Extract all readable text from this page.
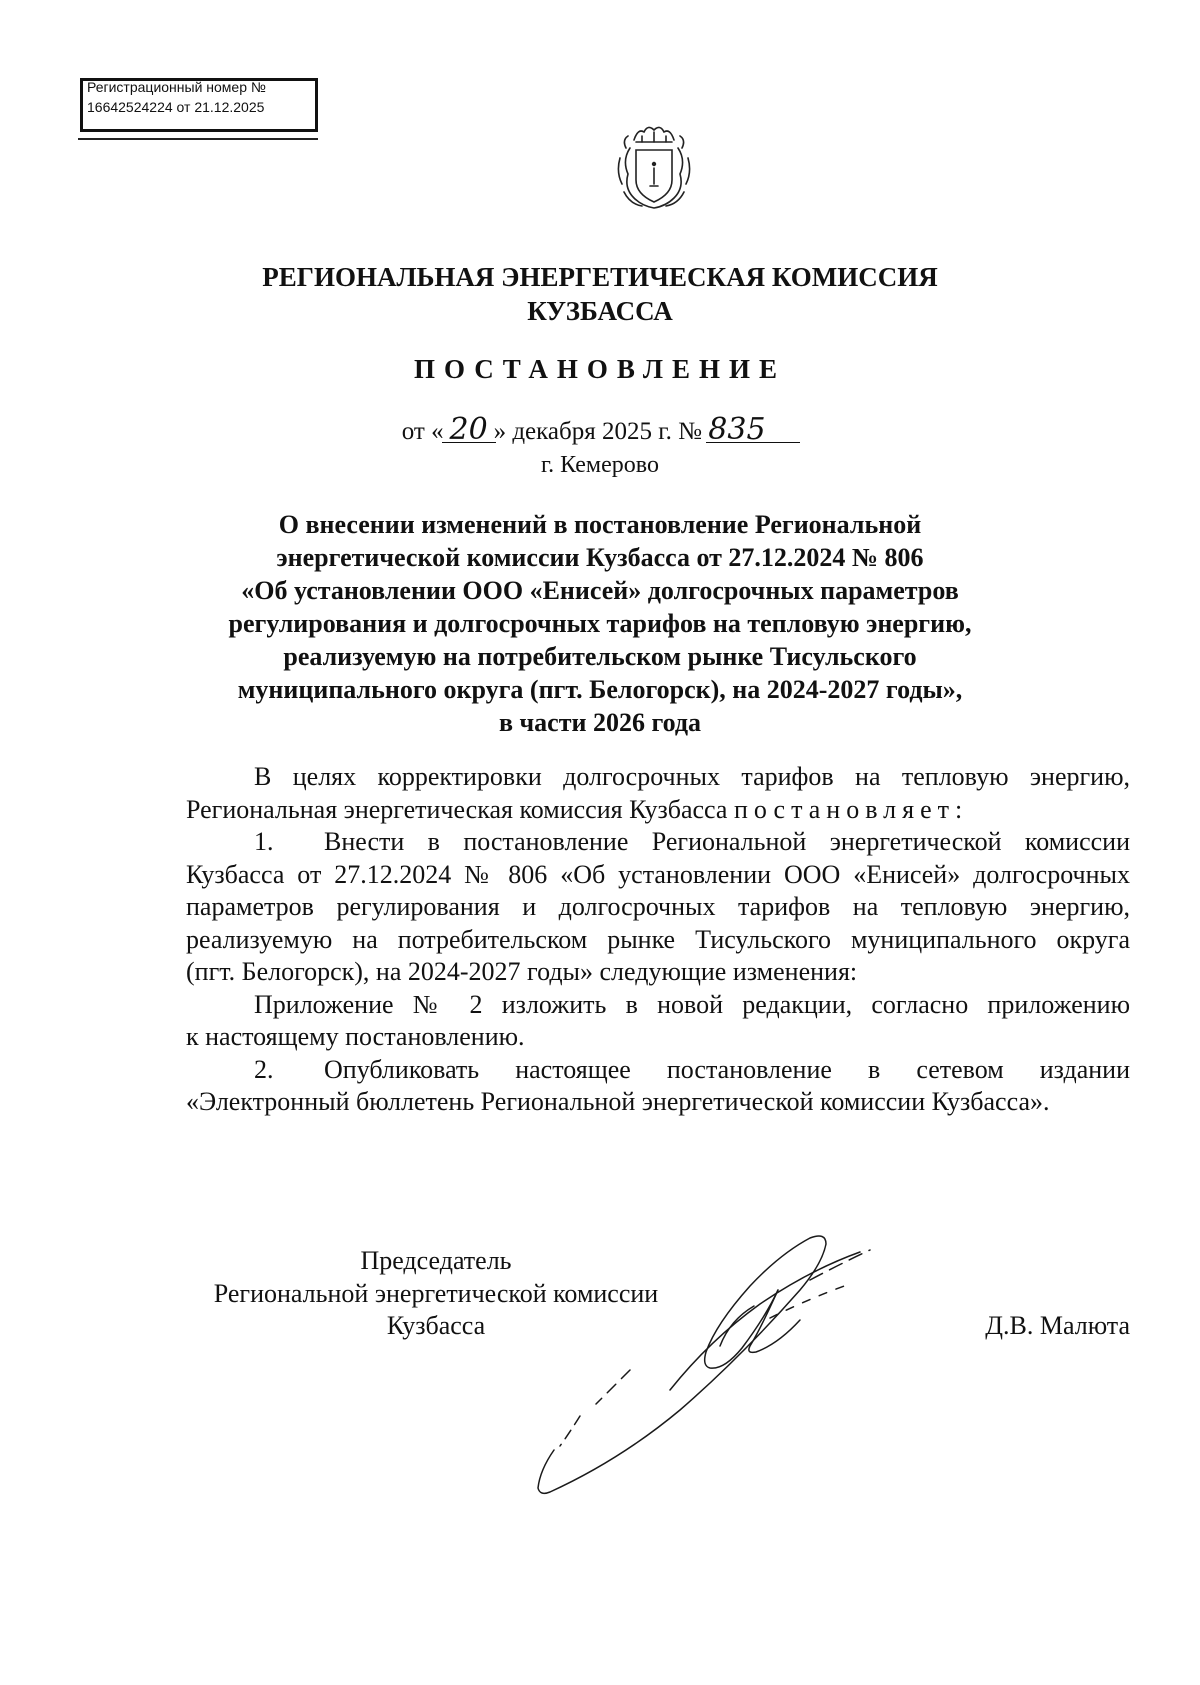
Регистрационный номер №
16642524224 от 21.12.2025
РЕГИОНАЛЬНАЯ ЭНЕРГЕТИЧЕСКАЯ КОМИССИЯ
КУЗБАССА
ПОСТАНОВЛЕНИЕ
от « 20 » декабря 2025 г. № 835
г. Кемерово
О внесении изменений в постановление Региональной
энергетической комиссии Кузбасса от 27.12.2024 № 806
«Об установлении ООО «Енисей» долгосрочных параметров
регулирования и долгосрочных тарифов на тепловую энергию,
реализуемую на потребительском рынке Тисульского
муниципального округа (пгт. Белогорск), на 2024-2027 годы»,
в части 2026 года
В целях корректировки долгосрочных тарифов на тепловую энергию,
Региональная энергетическая комиссия Кузбасса постановляет:
1. Внести в постановление Региональной энергетической комиссии
Кузбасса от 27.12.2024 № 806 «Об установлении ООО «Енисей» долгосрочных
параметров регулирования и долгосрочных тарифов на тепловую энергию,
реализуемую на потребительском рынке Тисульского муниципального округа
(пгт. Белогорск), на 2024-2027 годы» следующие изменения:
Приложение № 2 изложить в новой редакции, согласно приложению
к настоящему постановлению.
2. Опубликовать настоящее постановление в сетевом издании
«Электронный бюллетень Региональной энергетической комиссии Кузбасса».
Председатель
Региональной энергетической комиссии
Кузбасса	Д.В. Малюта
